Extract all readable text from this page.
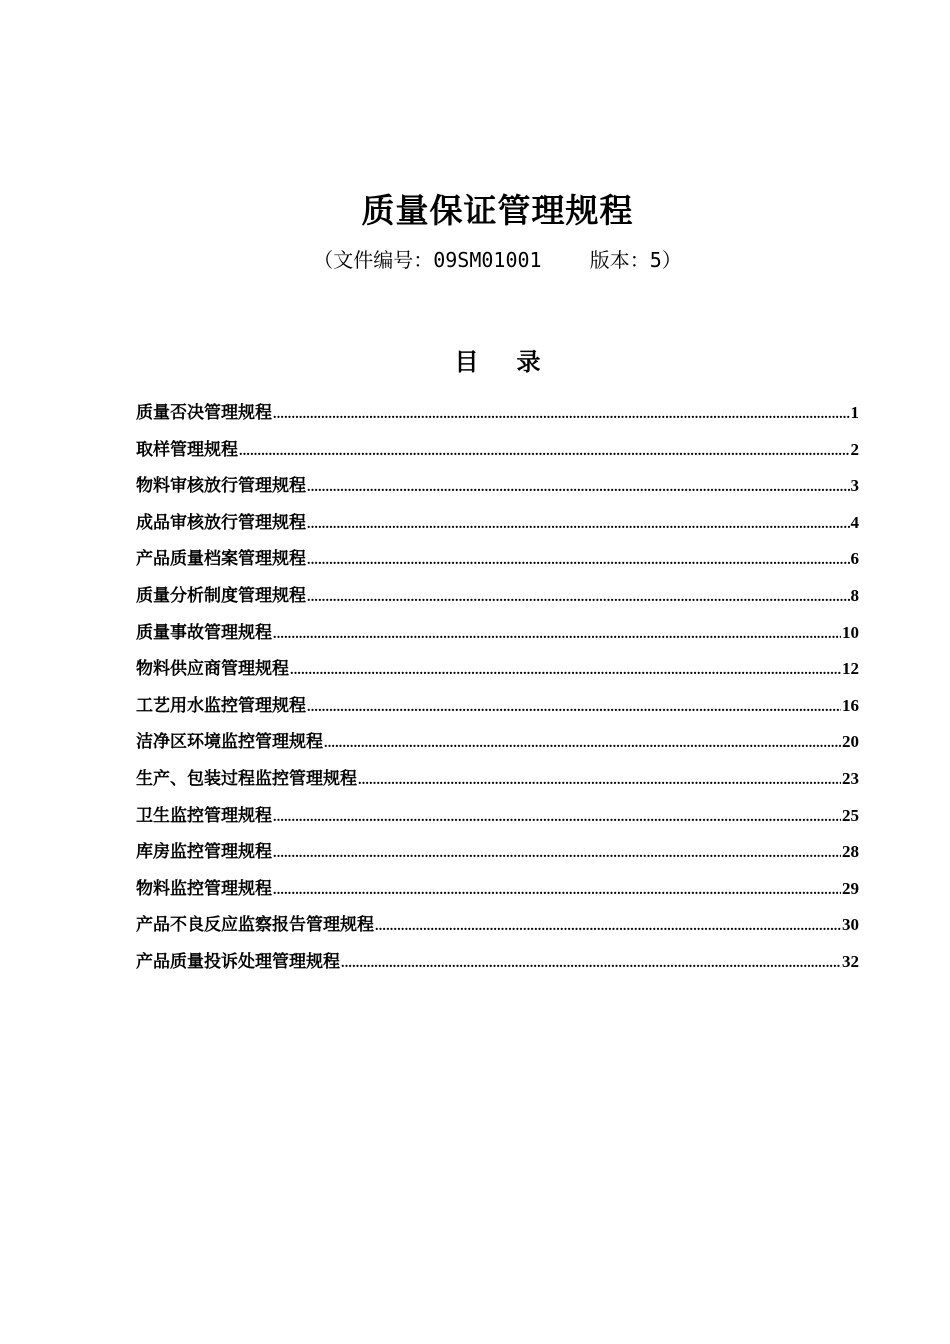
质量保证管理规程
（文件编号：09SM01001    版本：5）
目 录
质量否决管理规程 .....	1
取样管理规程 .....	2
物料审核放行管理规程 .....	3
成品审核放行管理规程 .....	4
产品质量档案管理规程 .....	6
质量分析制度管理规程 .....	8
质量事故管理规程 .....	10
物料供应商管理规程 .....	12
工艺用水监控管理规程 .....	16
洁净区环境监控管理规程 .....	20
生产、包装过程监控管理规程 .....	23
卫生监控管理规程 .....	25
库房监控管理规程 .....	28
物料监控管理规程 .....	29
产品不良反应监察报告管理规程 .....	30
产品质量投诉处理管理规程 .....	32
